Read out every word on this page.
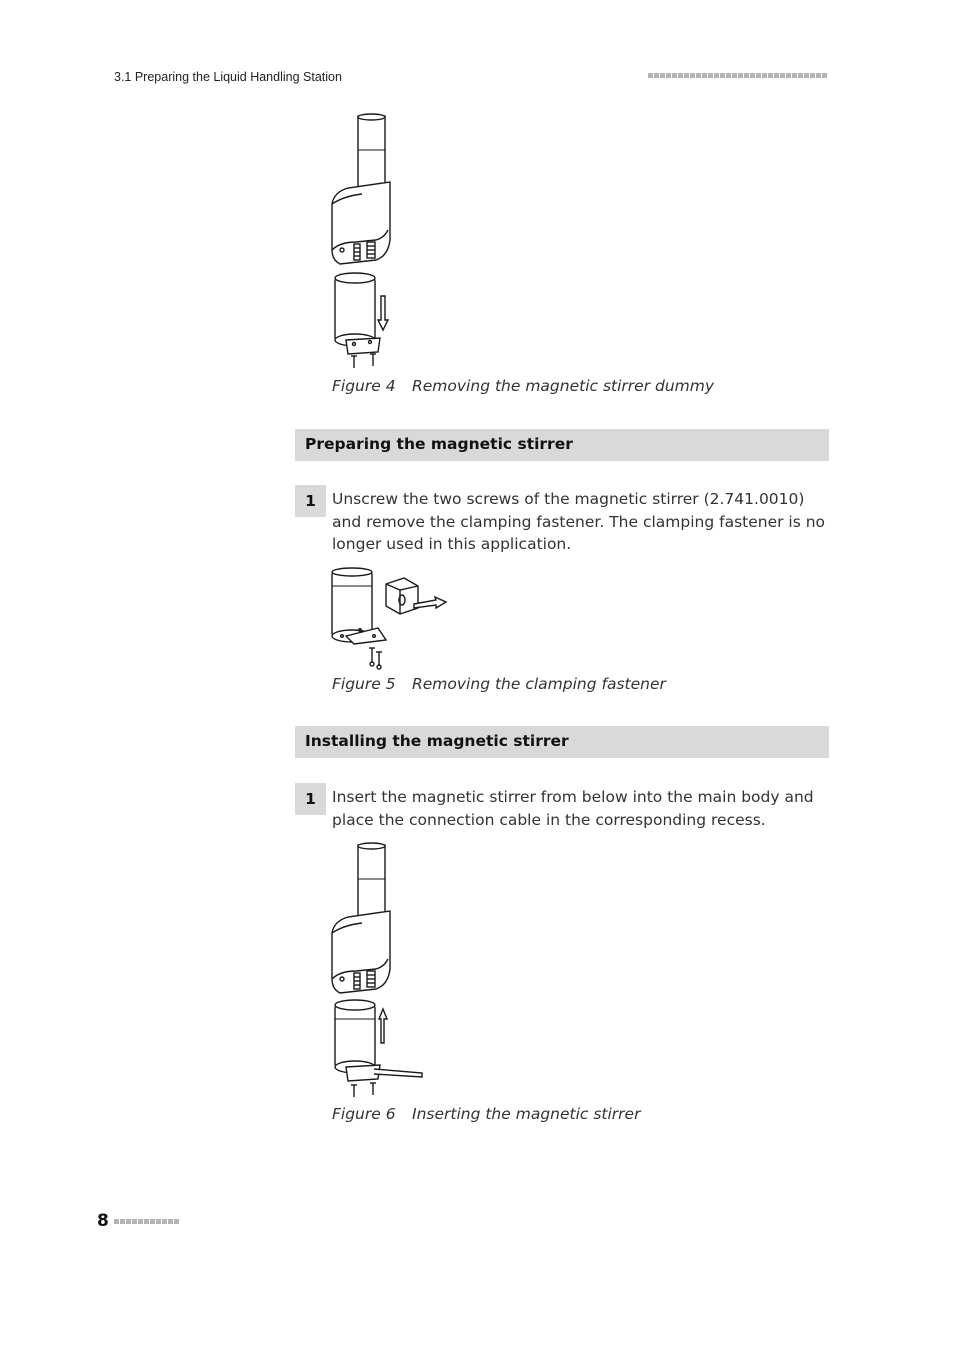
3.1 Preparing the Liquid Handling Station
Figure 4 Removing the magnetic stirrer dummy
Preparing the magnetic stirrer
1	Unscrew the two screws of the magnetic stirrer (2.741.0010) and remove the clamping fastener. The clamping fastener is no longer used in this application.
Figure 5 Removing the clamping fastener
Installing the magnetic stirrer
1	Insert the magnetic stirrer from below into the main body and place the connection cable in the corresponding recess.
Figure 6 Inserting the magnetic stirrer
8
